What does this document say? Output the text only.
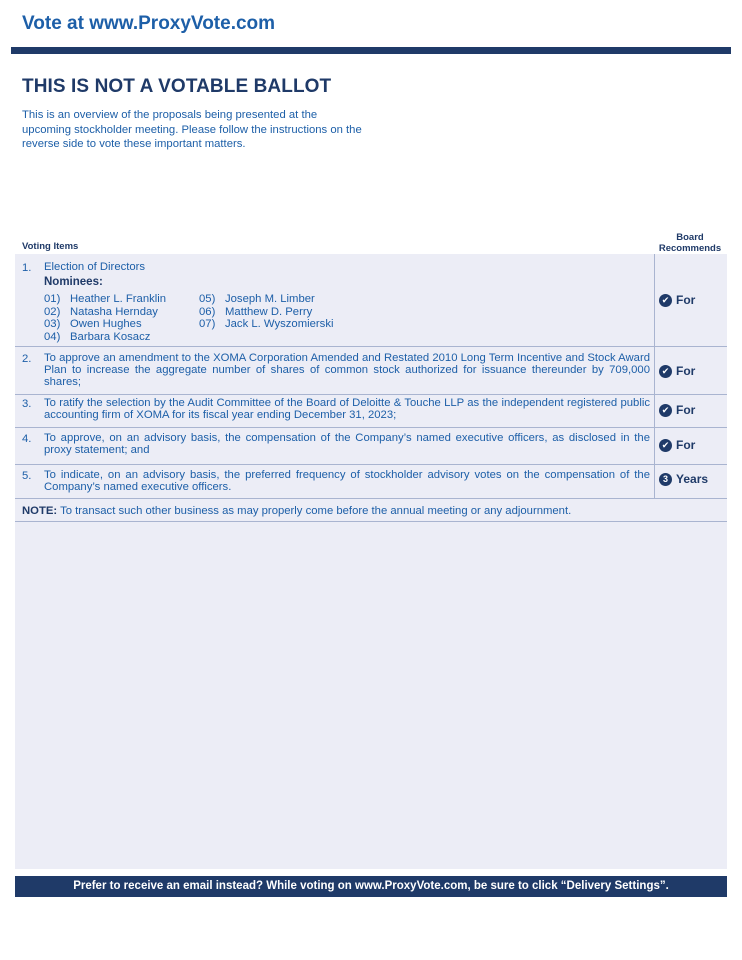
Vote at www.ProxyVote.com
THIS IS NOT A VOTABLE BALLOT
This is an overview of the proposals being presented at the upcoming stockholder meeting. Please follow the instructions on the reverse side to vote these important matters.
Voting Items
Board
Recommends
1. Election of Directors
Nominees:
01) Heather L. Franklin
02) Natasha Hernday
03) Owen Hughes
04) Barbara Kosacz
05) Joseph M. Limber
06) Matthew D. Perry
07) Jack L. Wyszomierski
✔ For
2. To approve an amendment to the XOMA Corporation Amended and Restated 2010 Long Term Incentive and Stock Award Plan to increase the aggregate number of shares of common stock authorized for issuance thereunder by 709,000 shares;
✔ For
3. To ratify the selection by the Audit Committee of the Board of Deloitte & Touche LLP as the independent registered public accounting firm of XOMA for its fiscal year ending December 31, 2023;	✔ For
4. To approve, on an advisory basis, the compensation of the Company’s named executive officers, as disclosed in the proxy statement; and	✔ For
5. To indicate, on an advisory basis, the preferred frequency of stockholder advisory votes on the compensation of the Company’s named executive officers.
3 Years
NOTE: To transact such other business as may properly come before the annual meeting or any adjournment.
Prefer to receive an email instead? While voting on www.ProxyVote.com, be sure to click “Delivery Settings”.
